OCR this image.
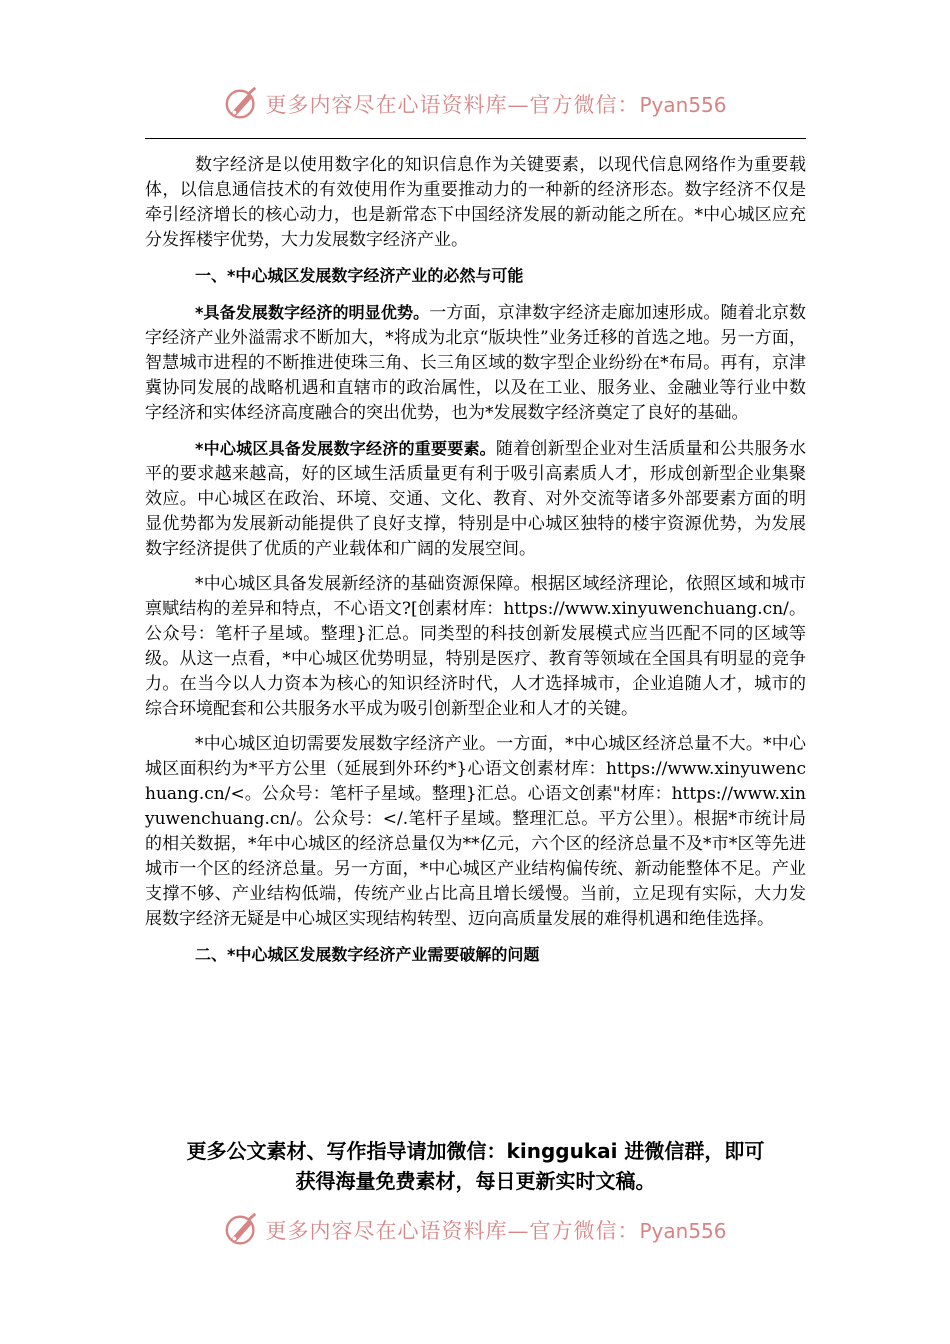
更多内容尽在心语资料库—官方微信：Pyan556

数字经济是以使用数字化的知识信息作为关键要素，以现代信息网络作为重要载体，以信息通信技术的有效使用作为重要推动力的一种新的经济形态。数字经济不仅是牵引经济增长的核心动力，也是新常态下中国经济发展的新动能之所在。*中心城区应充分发挥楼宇优势，大力发展数字经济产业。

一、*中心城区发展数字经济产业的必然与可能

*具备发展数字经济的明显优势。一方面，京津数字经济走廊加速形成。随着北京数字经济产业外溢需求不断加大，*将成为北京“版块性”业务迁移的首选之地。另一方面，智慧城市进程的不断推进使珠三角、长三角区域的数字型企业纷纷在*布局。再有，京津冀协同发展的战略机遇和直辖市的政治属性，以及在工业、服务业、金融业等行业中数字经济和实体经济高度融合的突出优势，也为*发展数字经济奠定了良好的基础。

*中心城区具备发展数字经济的重要要素。随着创新型企业对生活质量和公共服务水平的要求越来越高，好的区域生活质量更有利于吸引高素质人才，形成创新型企业集聚效应。中心城区在政治、环境、交通、文化、教育、对外交流等诸多外部要素方面的明显优势都为发展新动能提供了良好支撑，特别是中心城区独特的楼宇资源优势，为发展数字经济提供了优质的产业载体和广阔的发展空间。

*中心城区具备发展新经济的基础资源保障。根据区域经济理论，依照区域和城市禀赋结构的差异和特点，不心语文?[创素材库：https://www.xinyuwenchuang.cn/。公众号：笔杆子星域。整理}汇总。同类型的科技创新发展模式应当匹配不同的区域等级。从这一点看，*中心城区优势明显，特别是医疗、教育等领域在全国具有明显的竞争力。在当今以人力资本为核心的知识经济时代，人才选择城市，企业追随人才，城市的综合环境配套和公共服务水平成为吸引创新型企业和人才的关键。

*中心城区迫切需要发展数字经济产业。一方面，*中心城区经济总量不大。*中心城区面积约为*平方公里（延展到外环约*}心语文创素材库：https://www.xinyuwenchuang.cn/<。公众号：笔杆子星域。整理}汇总。心语文创素"材库：https://www.xinyuwenchuang.cn/。公众号：</.笔杆子星域。整理汇总。平方公里）。根据*市统计局的相关数据，*年中心城区的经济总量仅为**亿元，六个区的经济总量不及*市*区等先进城市一个区的经济总量。另一方面，*中心城区产业结构偏传统、新动能整体不足。产业支撑不够、产业结构低端，传统产业占比高且增长缓慢。当前，立足现有实际，大力发展数字经济无疑是中心城区实现结构转型、迈向高质量发展的难得机遇和绝佳选择。

二、*中心城区发展数字经济产业需要破解的问题

更多公文素材、写作指导请加微信：kinggukai 进微信群，即可
获得海量免费素材，每日更新实时文稿。
更多内容尽在心语资料库—官方微信：Pyan556
